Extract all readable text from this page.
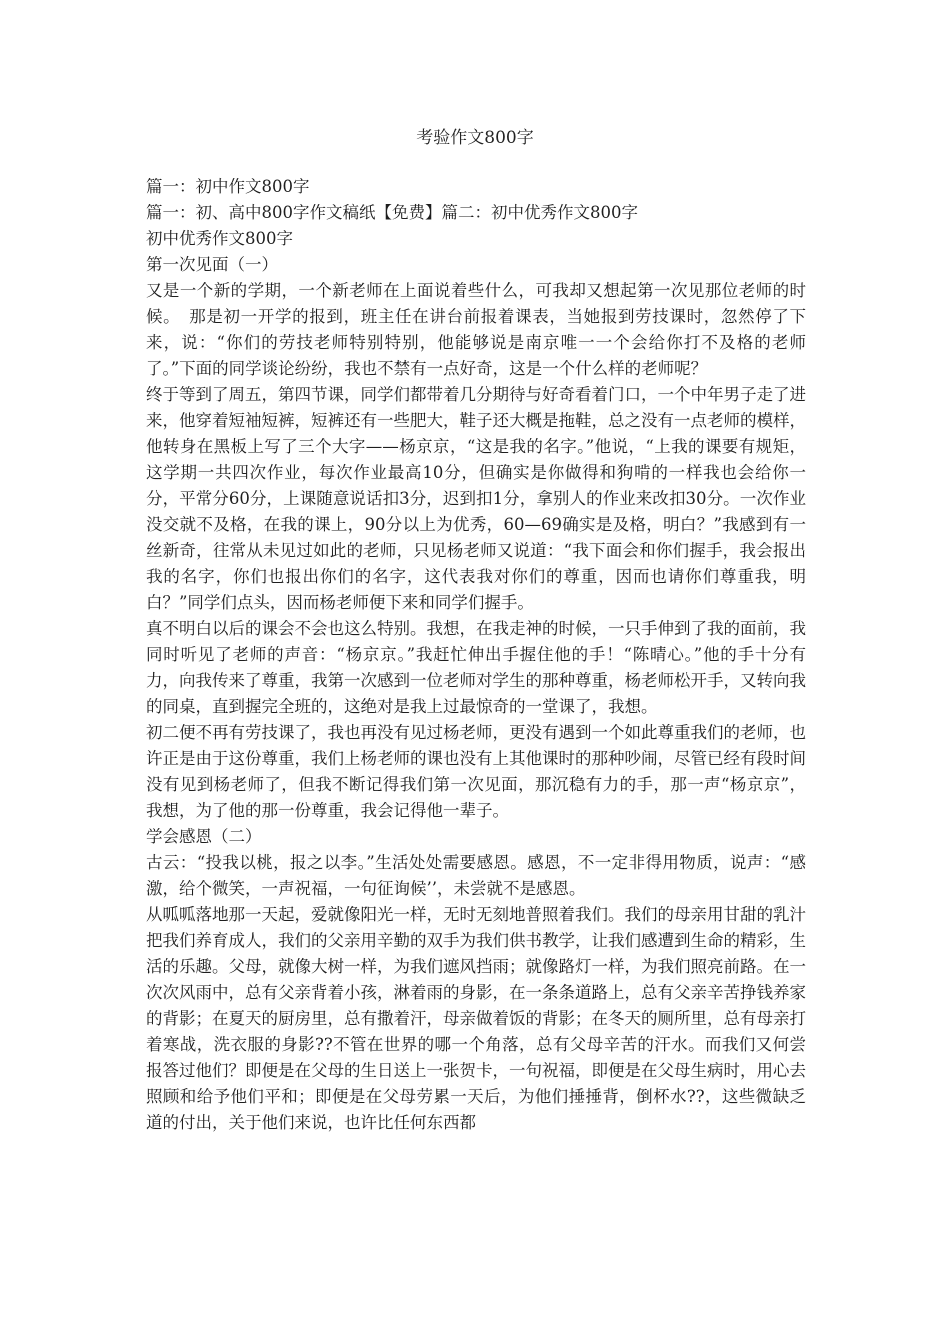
考验作文800字

篇一：初中作文800字

篇一：初、高中800字作文稿纸【免费】篇二：初中优秀作文800字

初中优秀作文800字

第一次见面（一）

又是一个新的学期，一个新老师在上面说着些什么，可我却又想起第一次见那位老师的时候。　那是初一开学的报到，班主任在讲台前报着课表，当她报到劳技课时，忽然停了下来，说：“你们的劳技老师特别特别，他能够说是南京唯一一个会给你打不及格的老师了。”下面的同学谈论纷纷，我也不禁有一点好奇，这是一个什么样的老师呢？

终于等到了周五，第四节课，同学们都带着几分期待与好奇看着门口，一个中年男子走了进来，他穿着短袖短裤，短裤还有一些肥大，鞋子还大概是拖鞋，总之没有一点老师的模样，他转身在黑板上写了三个大字——杨京京，“这是我的名字。”他说，“上我的课要有规矩，这学期一共四次作业，每次作业最高10分，但确实是你做得和狗啃的一样我也会给你一分，平常分60分，上课随意说话扣3分，迟到扣1分，拿别人的作业来改扣30分。一次作业没交就不及格，在我的课上，90分以上为优秀，60—69确实是及格，明白？”我感到有一丝新奇，往常从未见过如此的老师，只见杨老师又说道：“我下面会和你们握手，我会报出我的名字，你们也报出你们的名字，这代表我对你们的尊重，因而也请你们尊重我，明白？”同学们点头，因而杨老师便下来和同学们握手。

真不明白以后的课会不会也这么特别。我想，在我走神的时候，一只手伸到了我的面前，我同时听见了老师的声音：“杨京京。”我赶忙伸出手握住他的手！“陈晴心。”他的手十分有力，向我传来了尊重，我第一次感到一位老师对学生的那种尊重，杨老师松开手，又转向我的同桌，直到握完全班的，这绝对是我上过最惊奇的一堂课了，我想。

初二便不再有劳技课了，我也再没有见过杨老师，更没有遇到一个如此尊重我们的老师，也许正是由于这份尊重，我们上杨老师的课也没有上其他课时的那种吵闹，尽管已经有段时间没有见到杨老师了，但我不断记得我们第一次见面，那沉稳有力的手，那一声“杨京京”，我想，为了他的那一份尊重，我会记得他一辈子。

学会感恩（二）

古云：“投我以桃，报之以李。”生活处处需要感恩。感恩，不一定非得用物质，说声：“感激，给个微笑，一声祝福，一句征询候’’，未尝就不是感恩。

从呱呱落地那一天起，爱就像阳光一样，无时无刻地普照着我们。我们的母亲用甘甜的乳汁把我们养育成人，我们的父亲用辛勤的双手为我们供书教学，让我们感遭到生命的精彩，生活的乐趣。父母，就像大树一样，为我们遮风挡雨；就像路灯一样，为我们照亮前路。在一次次风雨中，总有父亲背着小孩，淋着雨的身影，在一条条道路上，总有父亲辛苦挣钱养家的背影；在夏天的厨房里，总有撒着汗，母亲做着饭的背影；在冬天的厕所里，总有母亲打着寒战，洗衣服的身影??不管在世界的哪一个角落，总有父母辛苦的汗水。而我们又何尝报答过他们？即便是在父母的生日送上一张贺卡，一句祝福，即便是在父母生病时，用心去照顾和给予他们平和；即便是在父母劳累一天后，为他们捶捶背，倒杯水??，这些微缺乏道的付出，关于他们来说，也许比任何东西都
